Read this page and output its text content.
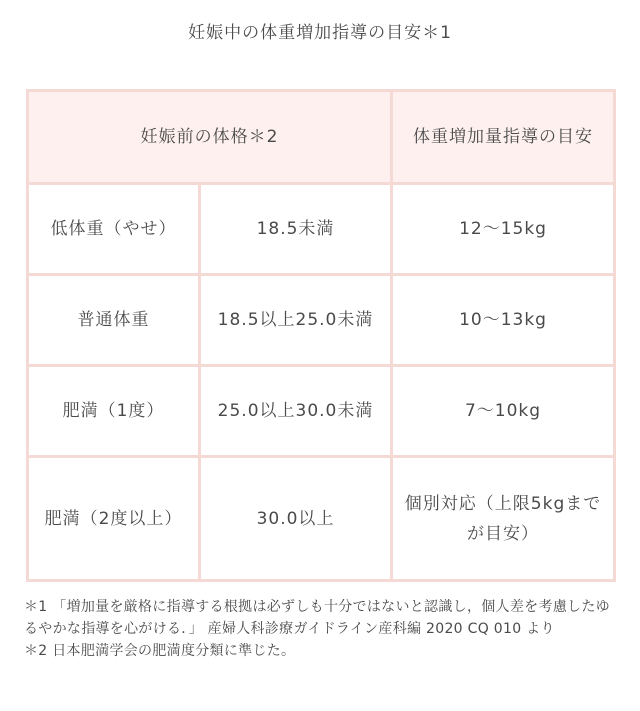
妊娠中の体重増加指導の目安＊1
妊娠前の体格＊2		体重増加量指導の目安
低体重（やせ）	18.5未満	12〜15kg
普通体重	18.5以上25.0未満	10〜13kg
肥満（1度）	25.0以上30.0未満	7〜10kg
肥満（2度以上）	30.0以上	個別対応（上限5kgまでが目安）

＊1 「増加量を厳格に指導する根拠は必ずしも十分ではないと認識し，個人差を考慮したゆるやかな指導を心がける．」 産婦人科診療ガイドライン産科編 2020 CQ 010 より

＊2 日本肥満学会の肥満度分類に準じた。
